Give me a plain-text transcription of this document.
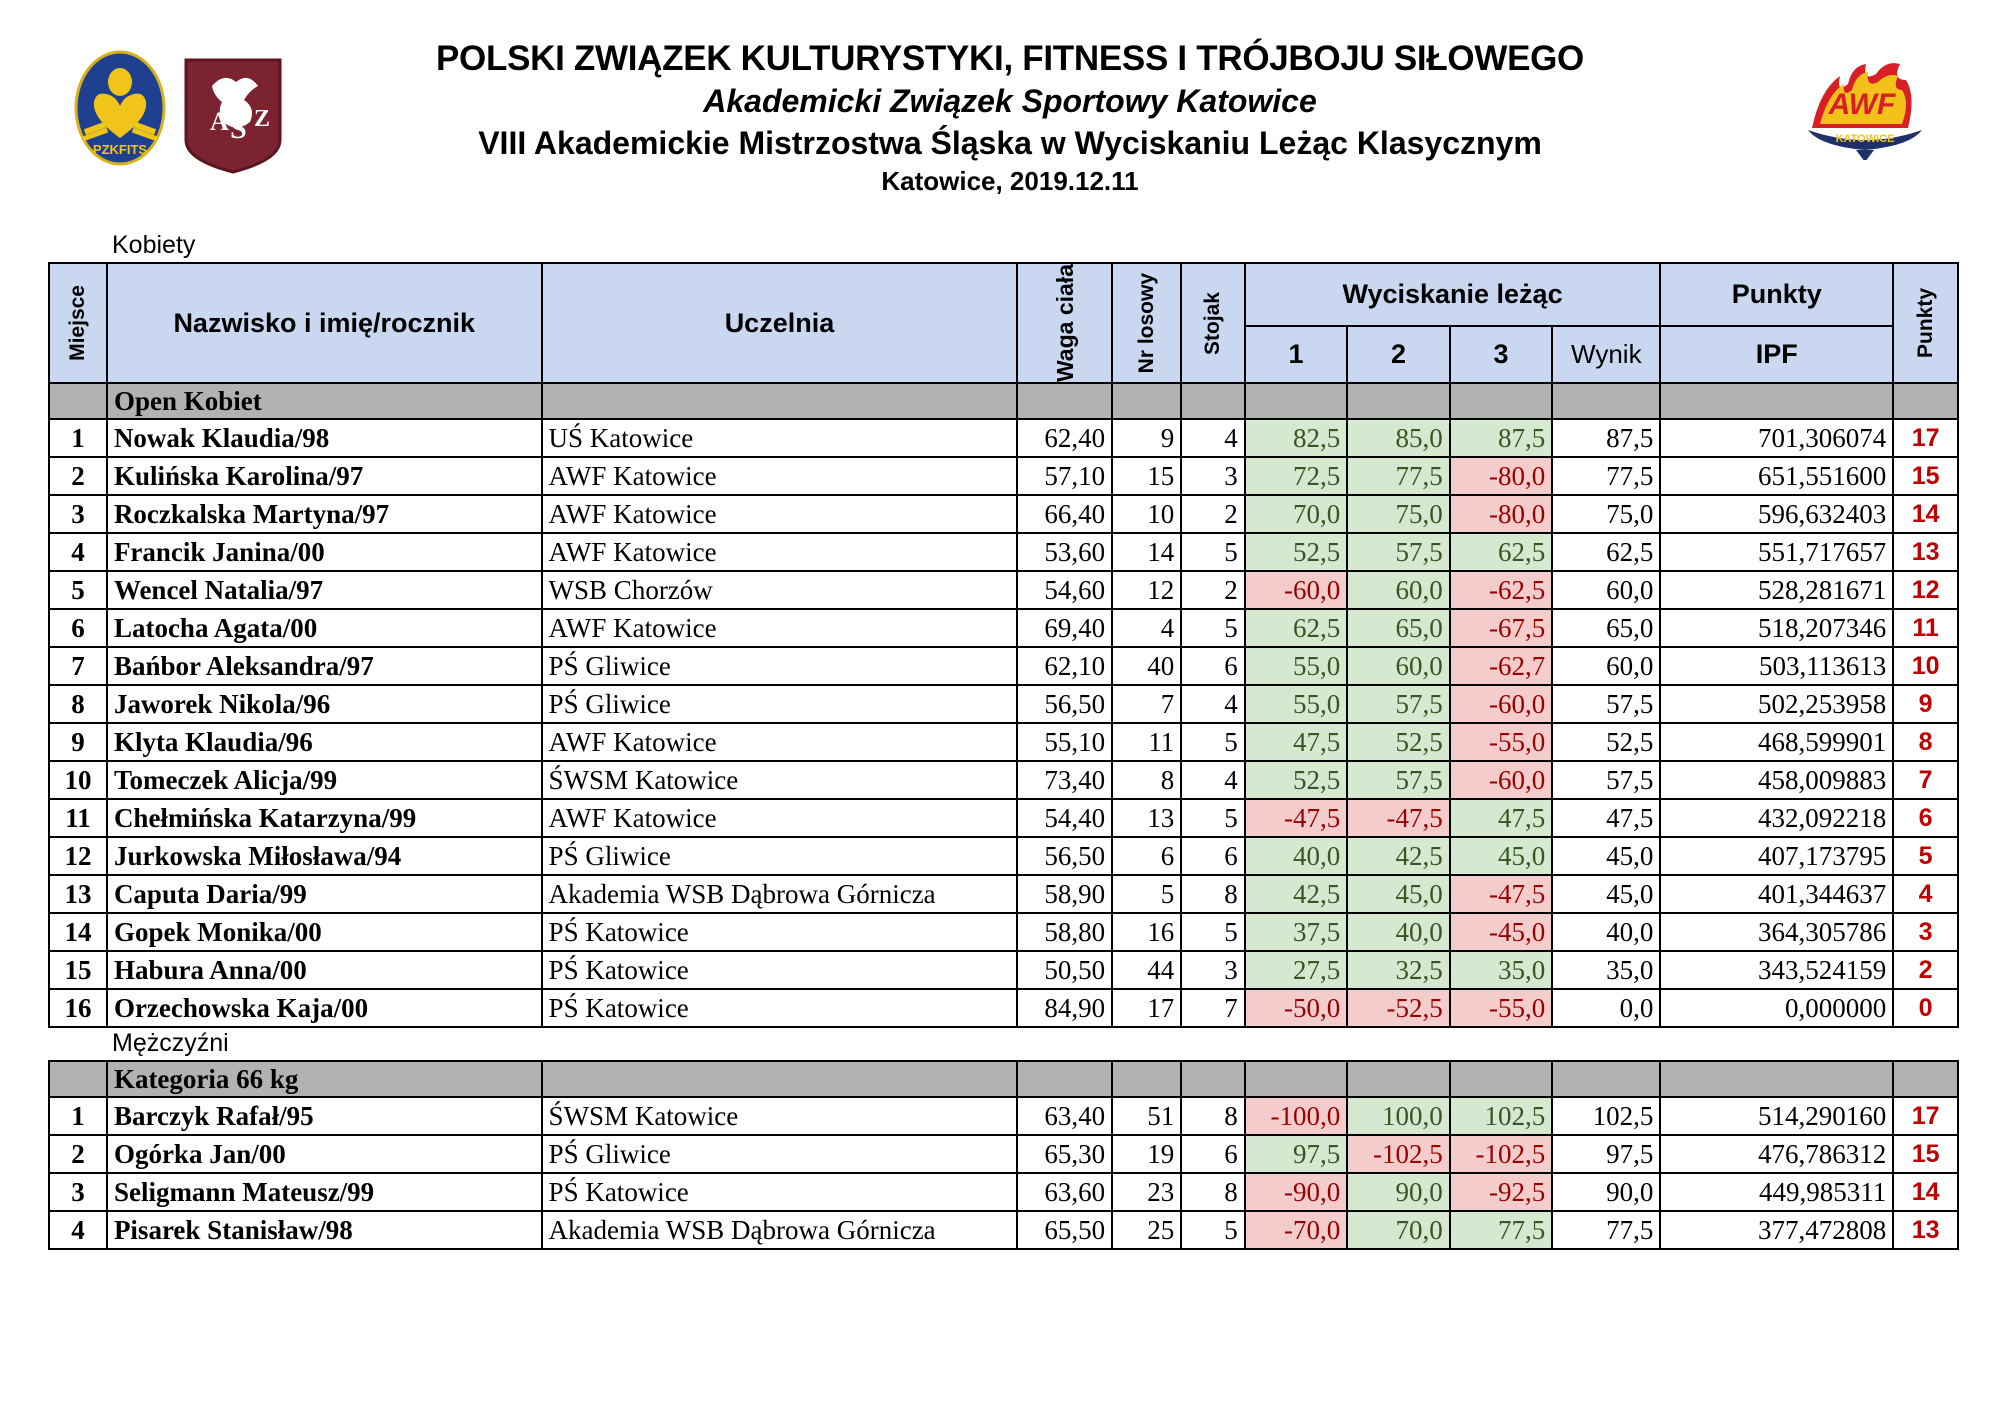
PZKFITS
A S Z
POLSKI ZWIĄZEK KULTURYSTYKI, FITNESS I TRÓJBOJU SIŁOWEGO
Akademicki Związek Sportowy Katowice
VIII Akademickie Mistrzostwa Śląska w Wyciskaniu Leżąc Klasycznym
Katowice, 2019.12.11
AWF
KATOWICE
Kobiety
Miejsce	Nazwisko i imię/rocznik	Uczelnia	Waga ciała	Nr losowy	Stojak	Wyciskanie leżąc				Punkty	Punkty
						1	2	3	Wynik	IPF	

	Open Kobiet										

1	Nowak Klaudia/98	UŚ Katowice	62,40	9	4	82,5	85,0	87,5	87,5	701,306074	17

2	Kulińska Karolina/97	AWF Katowice	57,10	15	3	72,5	77,5	-80,0	77,5	651,551600	15

3	Roczkalska Martyna/97	AWF Katowice	66,40	10	2	70,0	75,0	-80,0	75,0	596,632403	14

4	Francik Janina/00	AWF Katowice	53,60	14	5	52,5	57,5	62,5	62,5	551,717657	13

5	Wencel Natalia/97	WSB Chorzów	54,60	12	2	-60,0	60,0	-62,5	60,0	528,281671	12

6	Latocha Agata/00	AWF Katowice	69,40	4	5	62,5	65,0	-67,5	65,0	518,207346	11

7	Bańbor Aleksandra/97	PŚ Gliwice	62,10	40	6	55,0	60,0	-62,7	60,0	503,113613	10

8	Jaworek Nikola/96	PŚ Gliwice	56,50	7	4	55,0	57,5	-60,0	57,5	502,253958	9

9	Klyta Klaudia/96	AWF Katowice	55,10	11	5	47,5	52,5	-55,0	52,5	468,599901	8

10	Tomeczek Alicja/99	ŚWSM Katowice	73,40	8	4	52,5	57,5	-60,0	57,5	458,009883	7

11	Chełmińska Katarzyna/99	AWF Katowice	54,40	13	5	-47,5	-47,5	47,5	47,5	432,092218	6

12	Jurkowska Miłosława/94	PŚ Gliwice	56,50	6	6	40,0	42,5	45,0	45,0	407,173795	5

13	Caputa Daria/99	Akademia WSB Dąbrowa Górnicza	58,90	5	8	42,5	45,0	-47,5	45,0	401,344637	4

14	Gopek Monika/00	PŚ Katowice	58,80	16	5	37,5	40,0	-45,0	40,0	364,305786	3

15	Habura Anna/00	PŚ Katowice	50,50	44	3	27,5	32,5	35,0	35,0	343,524159	2

16	Orzechowska Kaja/00	PŚ Katowice	84,90	17	7	-50,0	-52,5	-55,0	0,0	0,000000	0
Mężczyźni

	Kategoria 66 kg										

1	Barczyk Rafał/95	ŚWSM Katowice	63,40	51	8	-100,0	100,0	102,5	102,5	514,290160	17

2	Ogórka Jan/00	PŚ Gliwice	65,30	19	6	97,5	-102,5	-102,5	97,5	476,786312	15

3	Seligmann Mateusz/99	PŚ Katowice	63,60	23	8	-90,0	90,0	-92,5	90,0	449,985311	14

4	Pisarek Stanisław/98	Akademia WSB Dąbrowa Górnicza	65,50	25	5	-70,0	70,0	77,5	77,5	377,472808	13
